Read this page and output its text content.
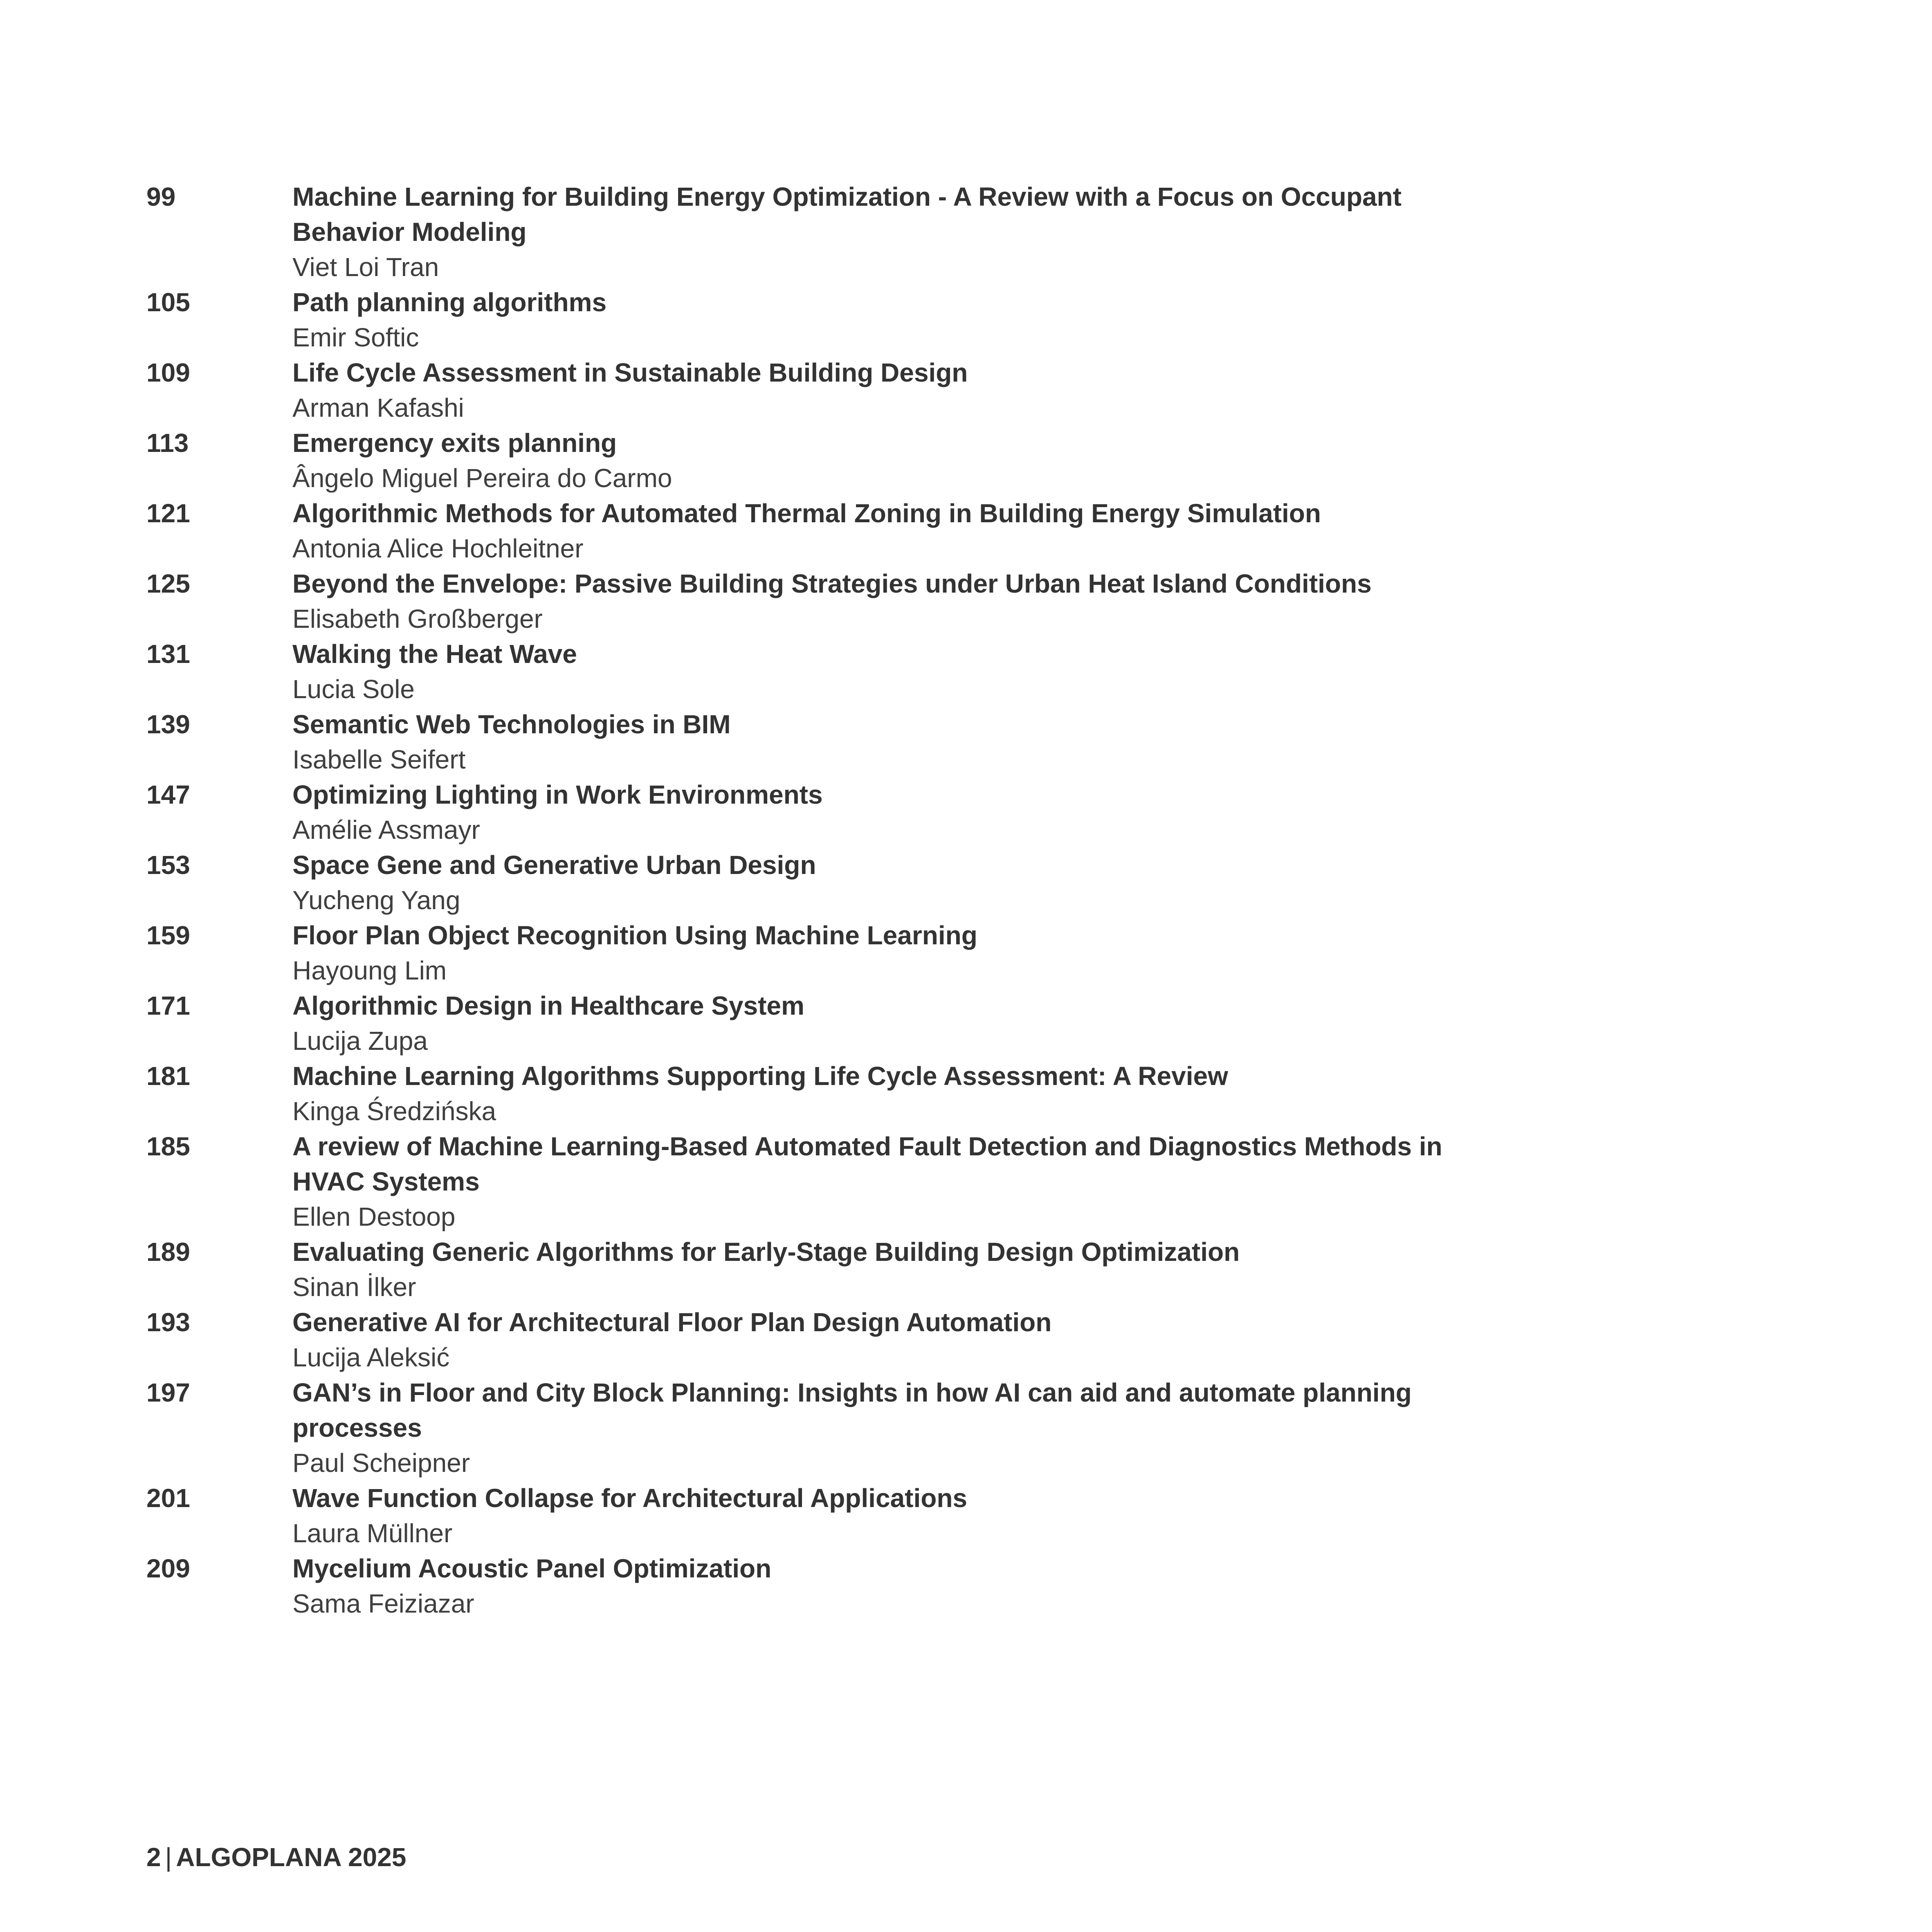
99	Machine Learning for Building Energy Optimization - A Review with a Focus on Occupant Behavior Modeling
Viet Loi Tran
105	Path planning algorithms
Emir Softic
109	Life Cycle Assessment in Sustainable Building Design
Arman Kafashi
113	Emergency exits planning
Ângelo Miguel Pereira do Carmo
121	Algorithmic Methods for Automated Thermal Zoning in Building Energy Simulation
Antonia Alice Hochleitner
125	Beyond the Envelope: Passive Building Strategies under Urban Heat Island Conditions
Elisabeth Großberger
131	Walking the Heat Wave
Lucia Sole
139	Semantic Web Technologies in BIM
Isabelle Seifert
147	Optimizing Lighting in Work Environments
Amélie Assmayr
153	Space Gene and Generative Urban Design
Yucheng Yang
159	Floor Plan Object Recognition Using Machine Learning
Hayoung Lim
171	Algorithmic Design in Healthcare System
Lucija Zupa
181	Machine Learning Algorithms Supporting Life Cycle Assessment: A Review
Kinga Średzińska
185	A review of Machine Learning-Based Automated Fault Detection and Diagnostics Methods in HVAC Systems
Ellen Destoop
189	Evaluating Generic Algorithms for Early-Stage Building Design Optimization
Sinan İlker
193	Generative AI for Architectural Floor Plan Design Automation
Lucija Aleksić
197	GAN’s in Floor and City Block Planning: Insights in how AI can aid and automate planning processes
Paul Scheipner
201	Wave Function Collapse for Architectural Applications
Laura Müllner
209	Mycelium Acoustic Panel Optimization
Sama Feiziazar
2 | ALGOPLANA 2025
